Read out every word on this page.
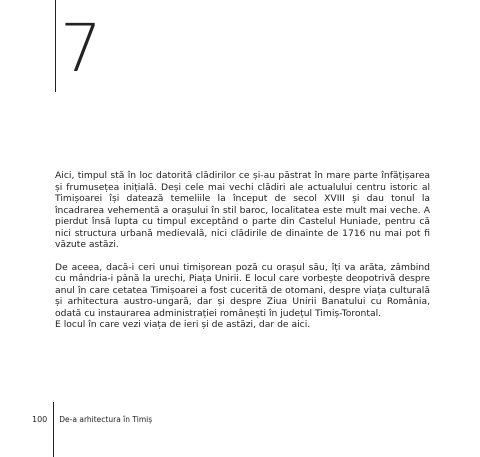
7

Aici, timpul stă în loc datorită clădirilor ce și-au păstrat în mare parte înfățișarea și frumusețea inițială. Deși cele mai vechi clădiri ale actualului centru istoric al Timișoarei își datează temeliile la început de secol XVIII și dau tonul la încadrarea vehementă a orașului în stil baroc, localitatea este mult mai veche. A pierdut însă lupta cu timpul exceptând o parte din Castelul Huniade, pentru că nici structura urbană medievală, nici clădirile de dinainte de 1716 nu mai pot fi văzute astăzi.

De aceea, dacă-i ceri unui timișorean poză cu orașul său, îți va arăta, zâmbind cu mândria-i până la urechi, Piața Unirii. E locul care vorbește deopotrivă despre anul în care cetatea Timișoarei a fost cucerită de otomani, despre viața culturală și arhitectura austro-ungară, dar și despre Ziua Unirii Banatului cu România, odată cu instaurarea administrației românești în județul Timiș-Torontal.

E locul în care vezi viața de ieri și de astăzi, dar de aici.

100 De-a arhitectura în Timiș
